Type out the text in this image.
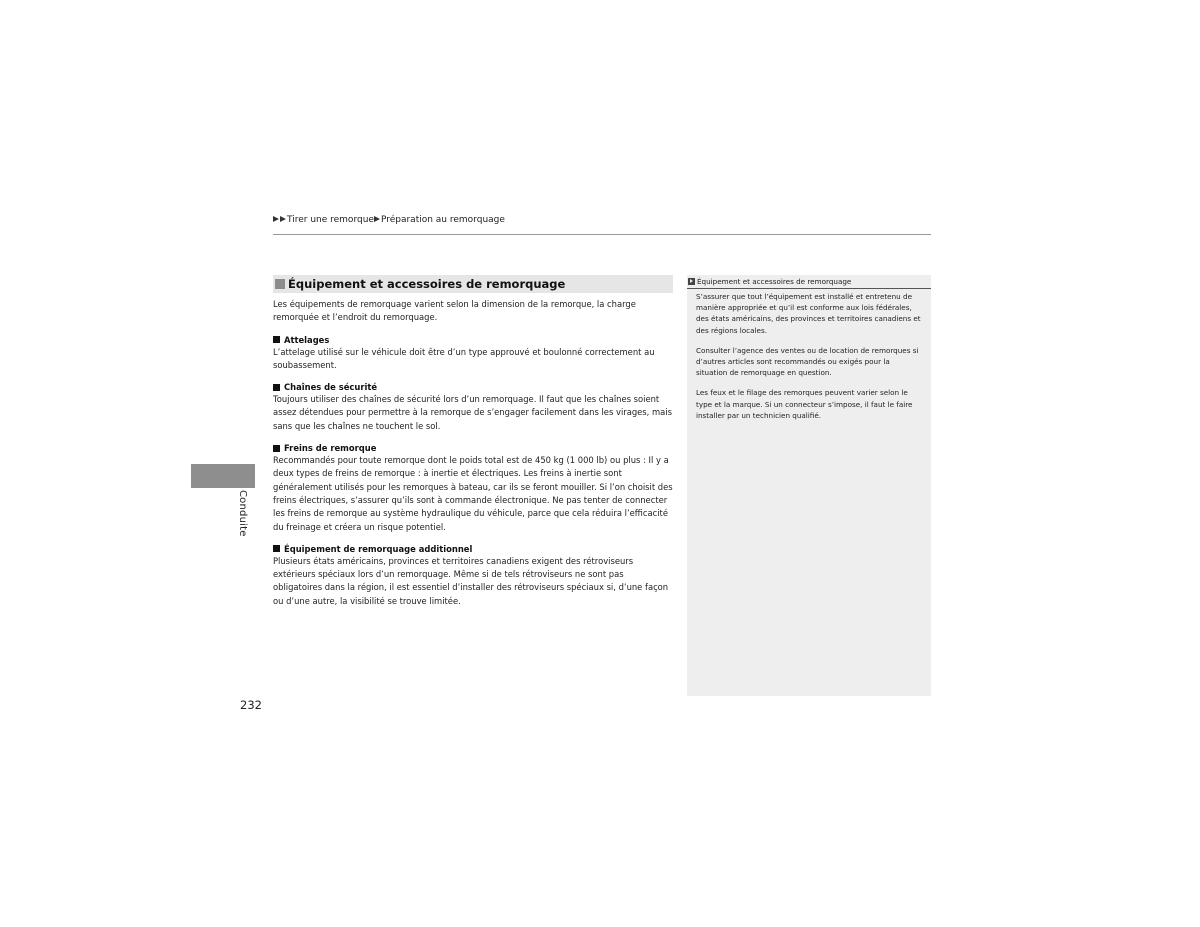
Tirer une remorque Préparation au remorquage
Conduite
Équipement et accessoires de remorquage

Les équipements de remorquage varient selon la dimension de la remorque, la charge remorquée et l’endroit du remorquage.

Attelages

L’attelage utilisé sur le véhicule doit être d’un type approuvé et boulonné correctement au soubassement.

Chaînes de sécurité

Toujours utiliser des chaînes de sécurité lors d’un remorquage. Il faut que les chaînes soient assez détendues pour permettre à la remorque de s’engager facilement dans les virages, mais sans que les chaînes ne touchent le sol.

Freins de remorque

Recommandés pour toute remorque dont le poids total est de 450 kg (1 000 lb) ou plus : Il y a deux types de freins de remorque : à inertie et électriques. Les freins à inertie sont généralement utilisés pour les remorques à bateau, car ils se feront mouiller. Si l’on choisit des freins électriques, s’assurer qu’ils sont à commande électronique. Ne pas tenter de connecter les freins de remorque au système hydraulique du véhicule, parce que cela réduira l’efficacité du freinage et créera un risque potentiel.

Équipement de remorquage additionnel

Plusieurs états américains, provinces et territoires canadiens exigent des rétroviseurs extérieurs spéciaux lors d’un remorquage. Même si de tels rétroviseurs ne sont pas obligatoires dans la région, il est essentiel d’installer des rétroviseurs spéciaux si, d’une façon ou d’une autre, la visibilité se trouve limitée.

Équipement et accessoires de remorquage

S’assurer que tout l’équipement est installé et entretenu de manière appropriée et qu’il est conforme aux lois fédérales, des états américains, des provinces et territoires canadiens et des régions locales.

Consulter l’agence des ventes ou de location de remorques si d’autres articles sont recommandés ou exigés pour la situation de remorquage en question.

Les feux et le filage des remorques peuvent varier selon le type et la marque. Si un connecteur s’impose, il faut le faire installer par un technicien qualifié.

232
